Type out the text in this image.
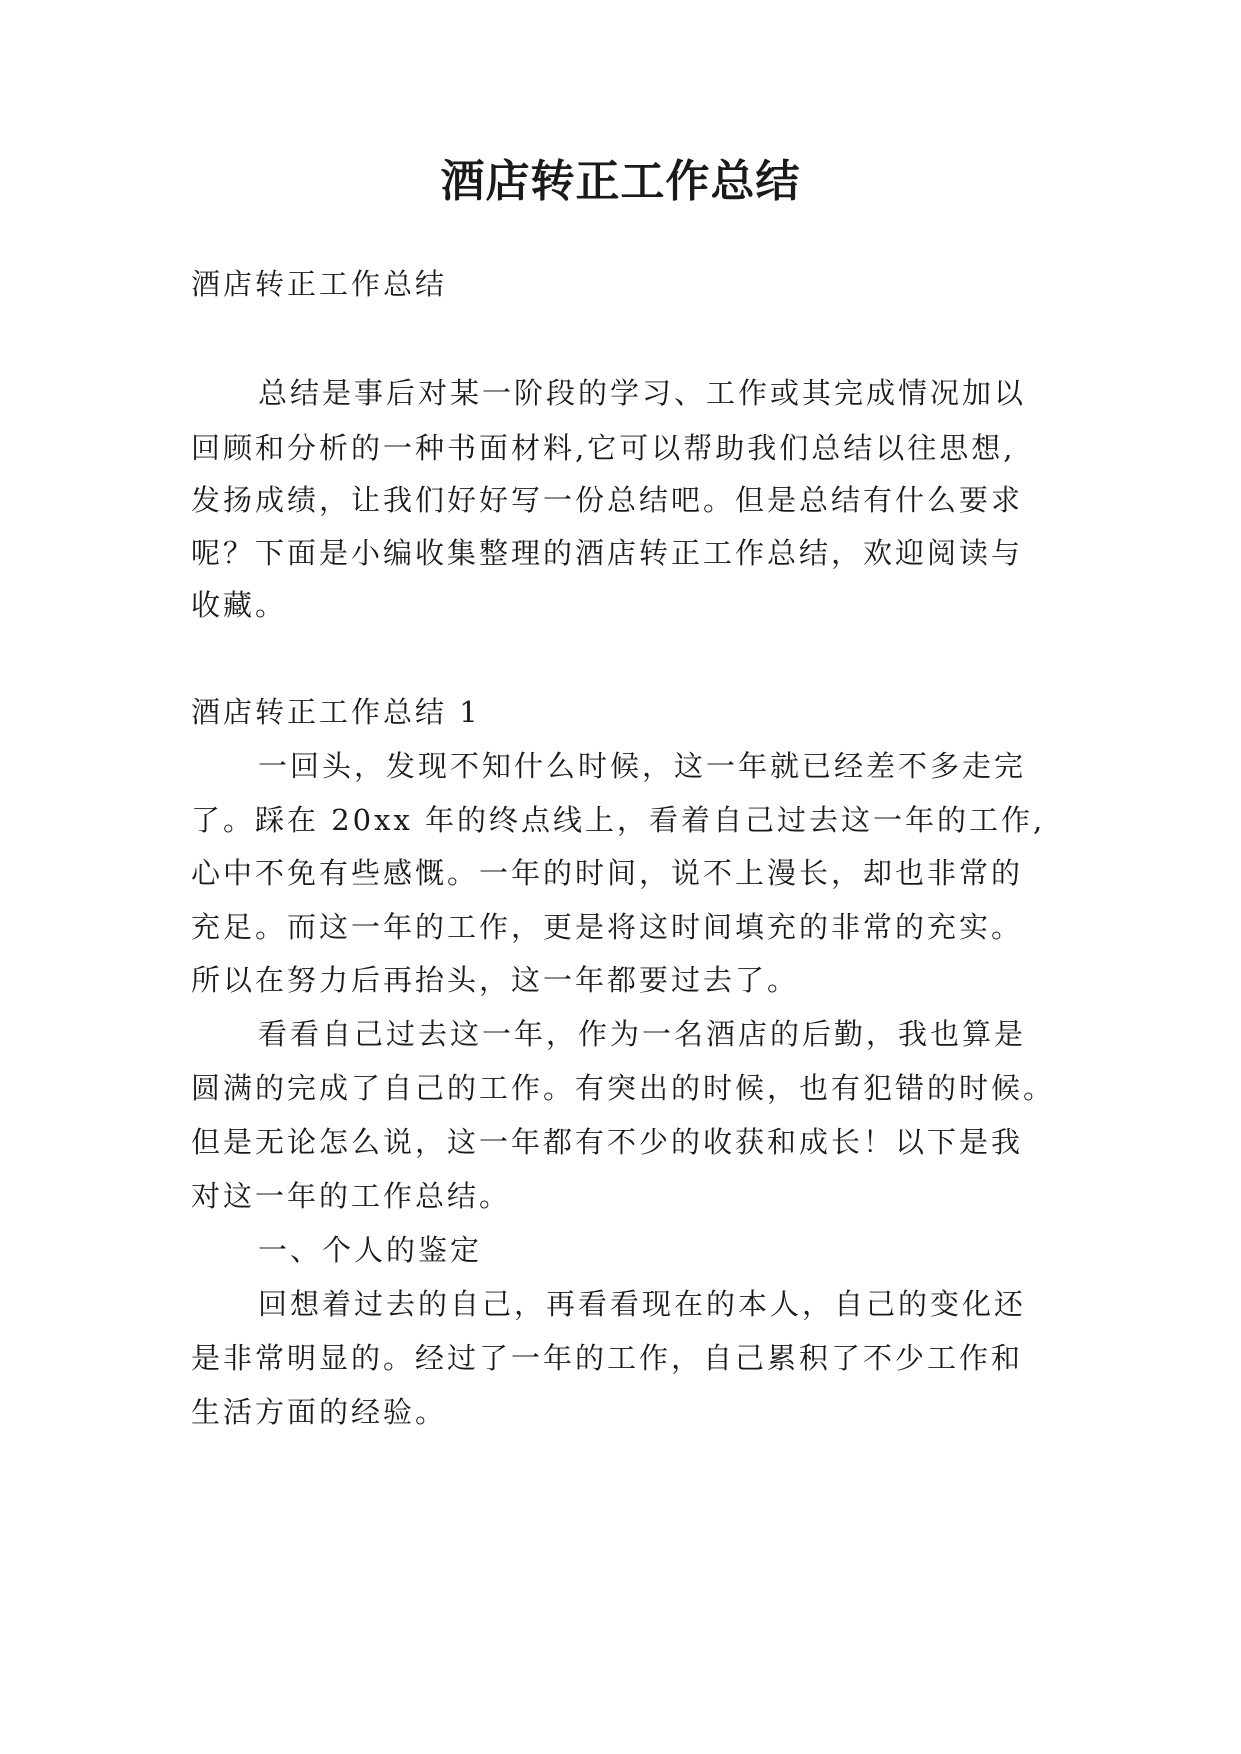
酒店转正工作总结
酒店转正工作总结
总结是事后对某一阶段的学习、工作或其完成情况加以
回顾和分析的一种书面材料,它可以帮助我们总结以往思想,
发扬成绩，让我们好好写一份总结吧。但是总结有什么要求
呢？下面是小编收集整理的酒店转正工作总结，欢迎阅读与
收藏。
酒店转正工作总结 1
一回头，发现不知什么时候，这一年就已经差不多走完
了。踩在 20xx 年的终点线上，看着自己过去这一年的工作,
心中不免有些感慨。一年的时间，说不上漫长，却也非常的
充足。而这一年的工作，更是将这时间填充的非常的充实。
所以在努力后再抬头，这一年都要过去了。
看看自己过去这一年，作为一名酒店的后勤，我也算是
圆满的完成了自己的工作。有突出的时候，也有犯错的时候。
但是无论怎么说，这一年都有不少的收获和成长！以下是我
对这一年的工作总结。
一、个人的鉴定
回想着过去的自己，再看看现在的本人，自己的变化还
是非常明显的。经过了一年的工作，自己累积了不少工作和
生活方面的经验。
